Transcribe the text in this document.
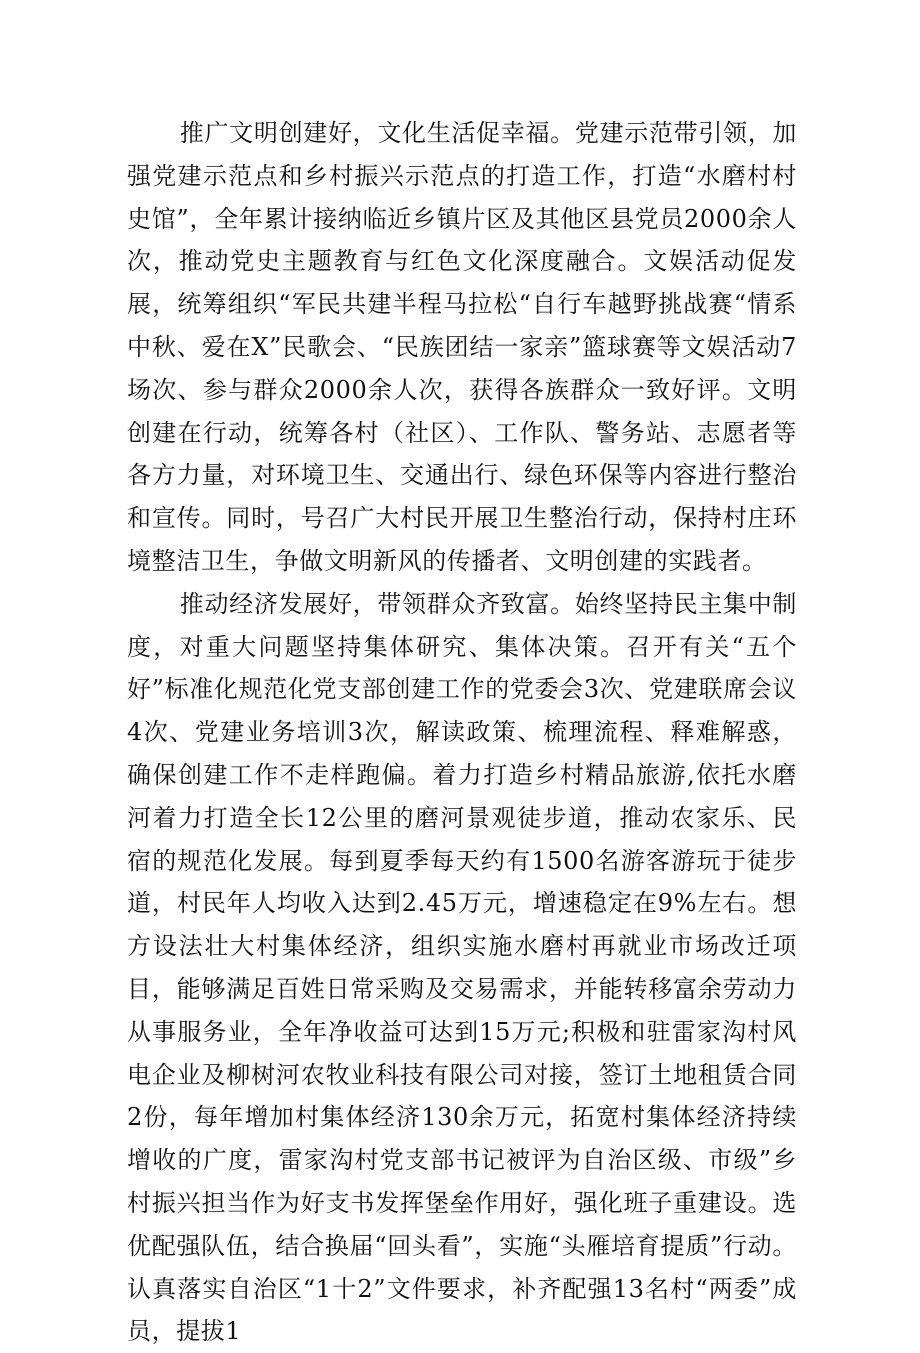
推广文明创建好，文化生活促幸福。党建示范带引领，加强党建示范点和乡村振兴示范点的打造工作，打造“水磨村村史馆”，全年累计接纳临近乡镇片区及其他区县党员2000余人次，推动党史主题教育与红色文化深度融合。文娱活动促发展，统筹组织“军民共建半程马拉松“自行车越野挑战赛“情系中秋、爱在X”民歌会、“民族团结一家亲”篮球赛等文娱活动7场次、参与群众2000余人次，获得各族群众一致好评。文明创建在行动，统筹各村（社区）、工作队、警务站、志愿者等各方力量，对环境卫生、交通出行、绿色环保等内容进行整治和宣传。同时，号召广大村民开展卫生整治行动，保持村庄环境整洁卫生，争做文明新风的传播者、文明创建的实践者。

推动经济发展好，带领群众齐致富。始终坚持民主集中制度，对重大问题坚持集体研究、集体决策。召开有关“五个好”标准化规范化党支部创建工作的党委会3次、党建联席会议4次、党建业务培训3次，解读政策、梳理流程、释难解惑，确保创建工作不走样跑偏。着力打造乡村精品旅游,依托水磨河着力打造全长12公里的磨河景观徒步道，推动农家乐、民宿的规范化发展。每到夏季每天约有1500名游客游玩于徒步道，村民年人均收入达到2.45万元，增速稳定在9%左右。想方设法壮大村集体经济，组织实施水磨村再就业市场改迁项目，能够满足百姓日常采购及交易需求，并能转移富余劳动力从事服务业，全年净收益可达到15万元;积极和驻雷家沟村风电企业及柳树河农牧业科技有限公司对接，签订土地租赁合同2份，每年增加村集体经济130余万元，拓宽村集体经济持续增收的广度，雷家沟村党支部书记被评为自治区级、市级”乡村振兴担当作为好支书发挥堡垒作用好，强化班子重建设。选优配强队伍，结合换届“回头看”，实施“头雁培育提质”行动。认真落实自治区“1十2”文件要求，补齐配强13名村“两委”成员，提拔1
